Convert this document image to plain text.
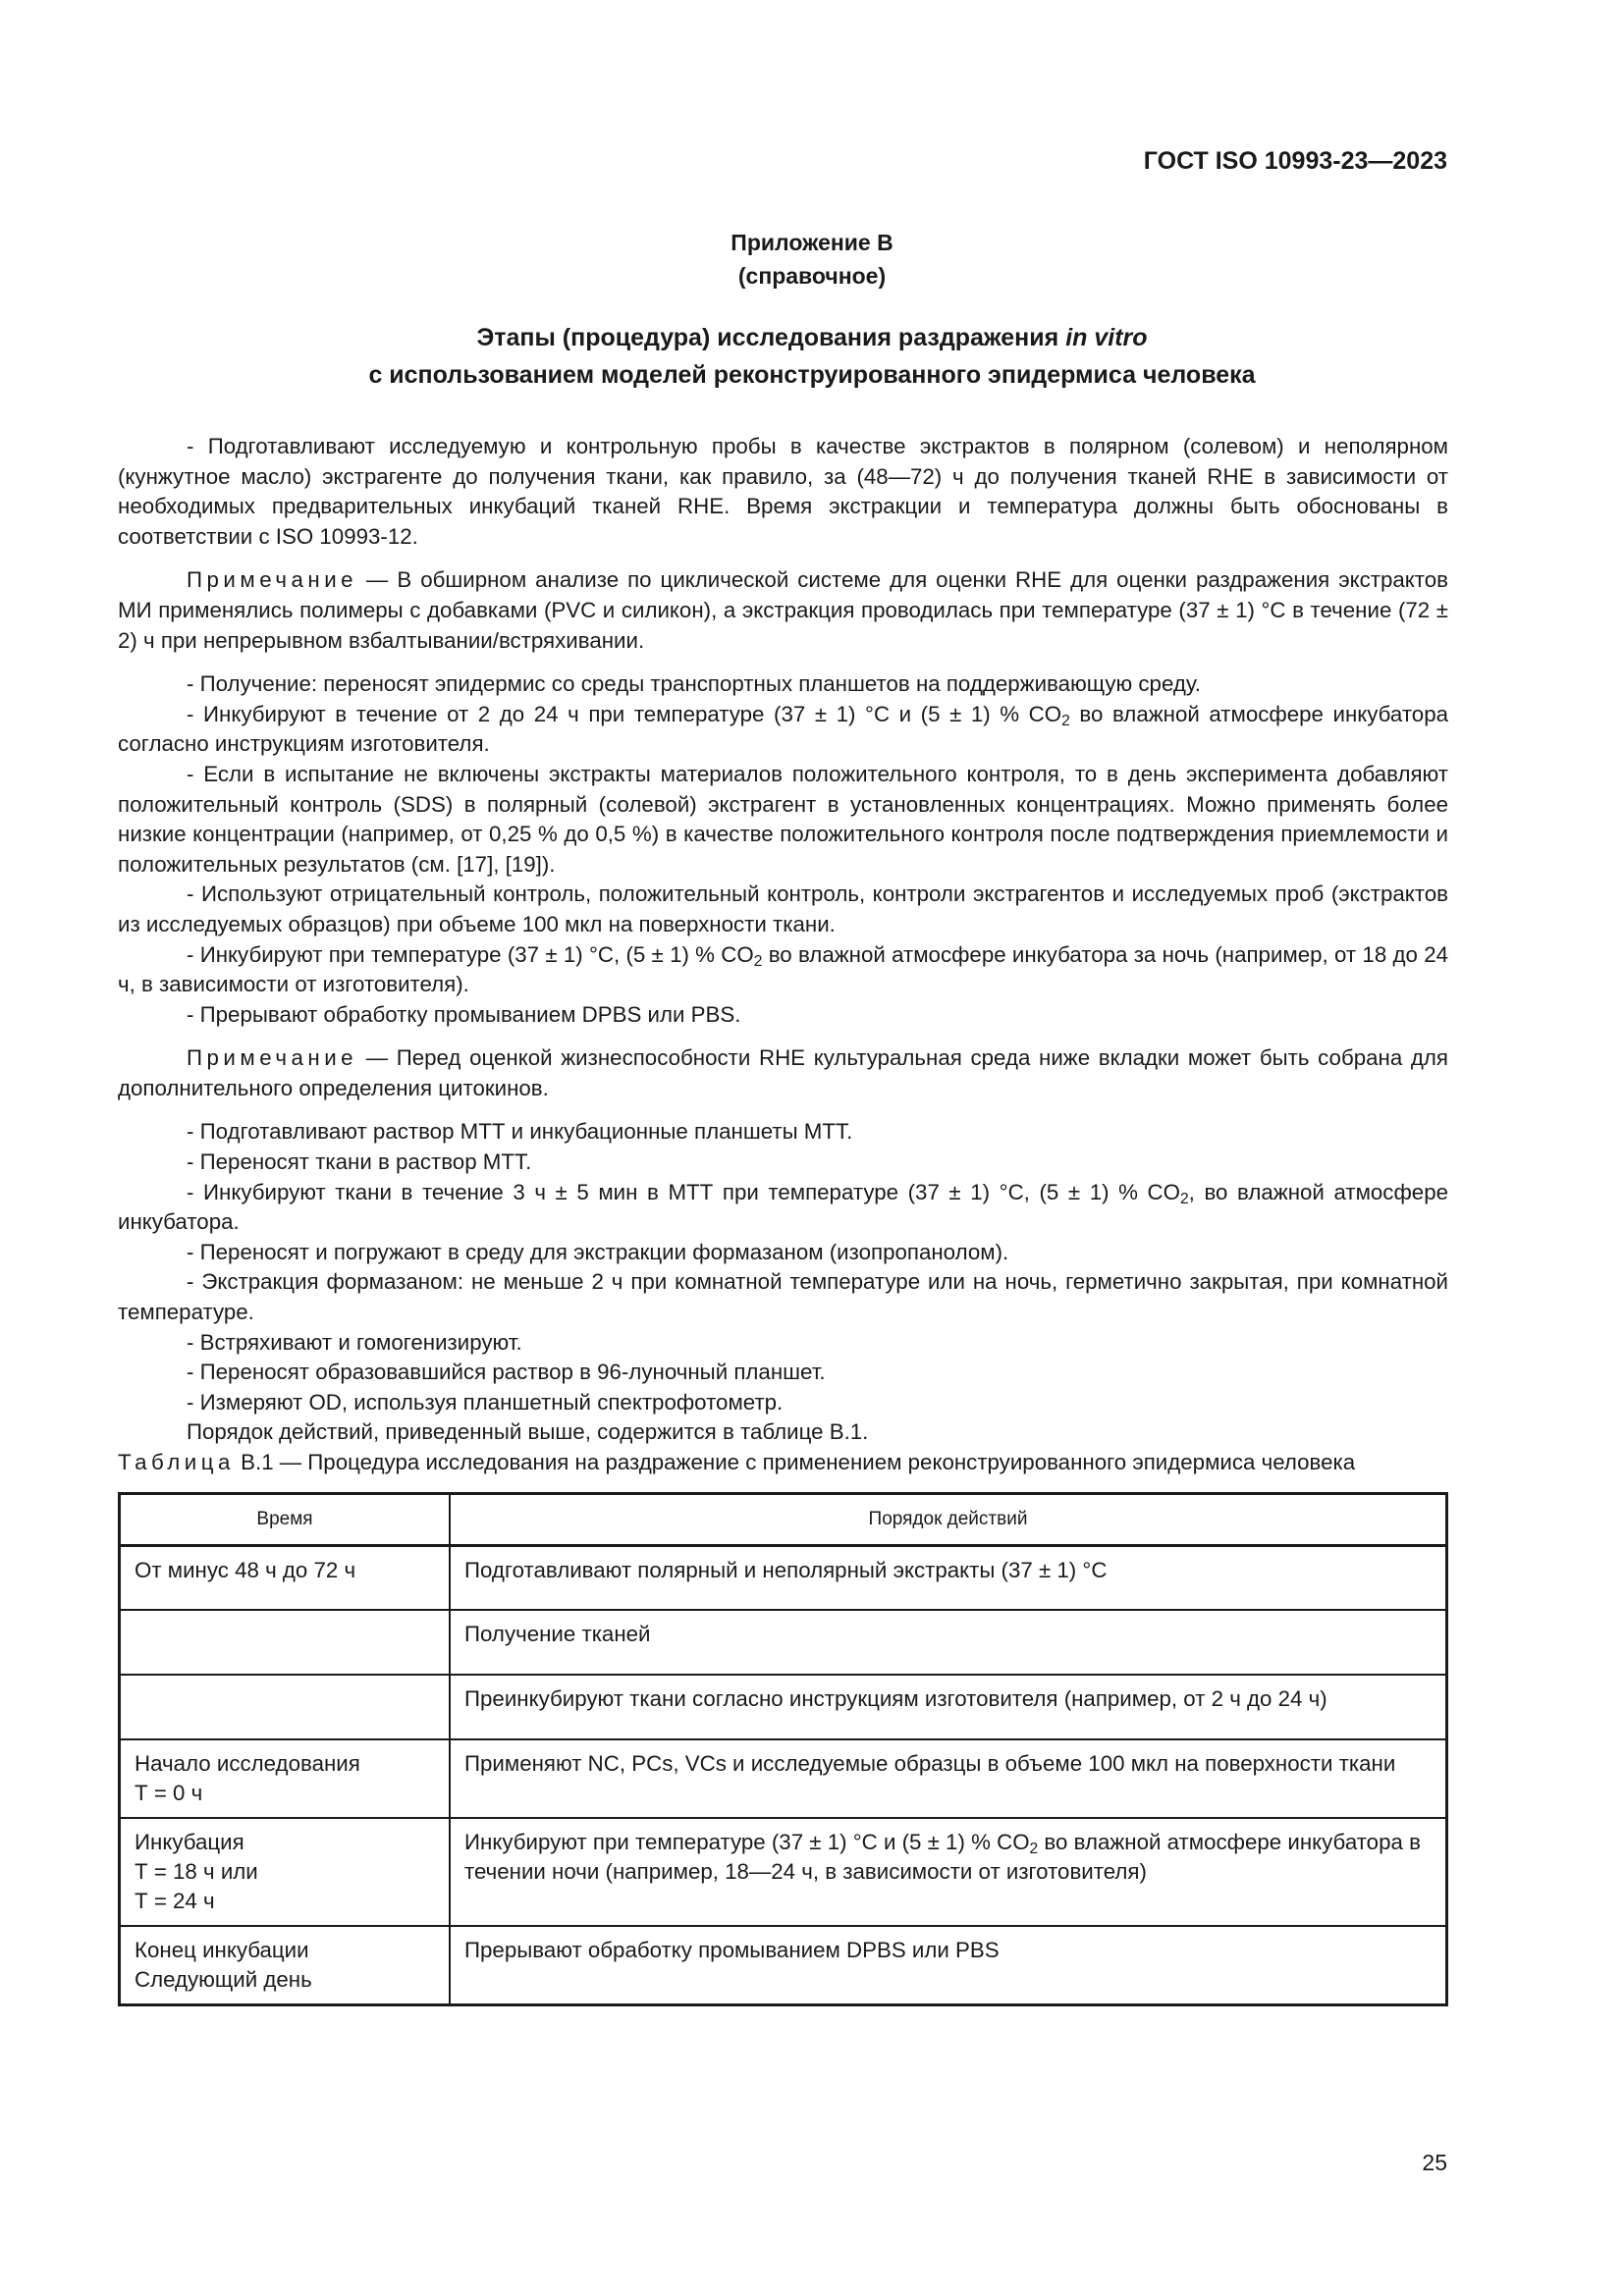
ГОСТ ISO 10993-23—2023
Приложение В
(справочное)
Этапы (процедура) исследования раздражения in vitro
с использованием моделей реконструированного эпидермиса человека

- Подготавливают исследуемую и контрольную пробы в качестве экстрактов в полярном (солевом) и неполярном (кунжутное масло) экстрагенте до получения ткани, как правило, за (48—72) ч до получения тканей RHE в зависимости от необходимых предварительных инкубаций тканей RHE. Время экстракции и температура должны быть обоснованы в соответствии с ISO 10993-12.

Примечание — В обширном анализе по циклической системе для оценки RHE для оценки раздражения экстрактов МИ применялись полимеры с добавками (PVC и силикон), а экстракция проводилась при температуре (37 ± 1) °С в течение (72 ± 2) ч при непрерывном взбалтывании/встряхивании.

- Получение: переносят эпидермис со среды транспортных планшетов на поддерживающую среду.

- Инкубируют в течение от 2 до 24 ч при температуре (37 ± 1) °С и (5 ± 1) % $CO_2$ во влажной атмосфере инкубатора согласно инструкциям изготовителя.

- Если в испытание не включены экстракты материалов положительного контроля, то в день эксперимента добавляют положительный контроль (SDS) в полярный (солевой) экстрагент в установленных концентрациях. Можно применять более низкие концентрации (например, от 0,25 % до 0,5 %) в качестве положительного контроля после подтверждения приемлемости и положительных результатов (см. [17], [19]).

- Используют отрицательный контроль, положительный контроль, контроли экстрагентов и исследуемых проб (экстрактов из исследуемых образцов) при объеме 100 мкл на поверхности ткани.

- Инкубируют при температуре (37 ± 1) °С, (5 ± 1) % $CO_2$ во влажной атмосфере инкубатора за ночь (например, от 18 до 24 ч, в зависимости от изготовителя).

- Прерывают обработку промыванием DPBS или PBS.

Примечание — Перед оценкой жизнеспособности RHE культуральная среда ниже вкладки может быть собрана для дополнительного определения цитокинов.

- Подготавливают раствор МТТ и инкубационные планшеты МТТ.

- Переносят ткани в раствор МТТ.

- Инкубируют ткани в течение 3 ч ± 5 мин в МТТ при температуре (37 ± 1) °С, (5 ± 1) % $CO_2$, во влажной атмосфере инкубатора.

- Переносят и погружают в среду для экстракции формазаном (изопропанолом).

- Экстракция формазаном: не меньше 2 ч при комнатной температуре или на ночь, герметично закрытая, при комнатной температуре.

- Встряхивают и гомогенизируют.

- Переносят образовавшийся раствор в 96-луночный планшет.

- Измеряют OD, используя планшетный спектрофотометр.

Порядок действий, приведенный выше, содержится в таблице В.1.

Таблица В.1 — Процедура исследования на раздражение с применением реконструированного эпидермиса человека

Время	Порядок действий

От минус 48 ч до 72 ч	Подготавливают полярный и неполярный экстракты (37 ± 1) °С
	Получение тканей
	Преинкубируют ткани согласно инструкциям изготовителя (например, от 2 ч до 24 ч)

Начало исследования
Т = 0 ч	Применяют NC, PCs, VCs и исследуемые образцы в объеме 100 мкл на поверхности ткани

Инкубация
Т = 18 ч или
Т = 24 ч	Инкубируют при температуре (37 ± 1) °С и (5 ± 1) % $CO_2$ во влажной атмосфере инкубатора в течении ночи (например, 18—24 ч, в зависимости от изготовителя)

Конец инкубации
Следующий день	Прерывают обработку промыванием DPBS или PBS
25
